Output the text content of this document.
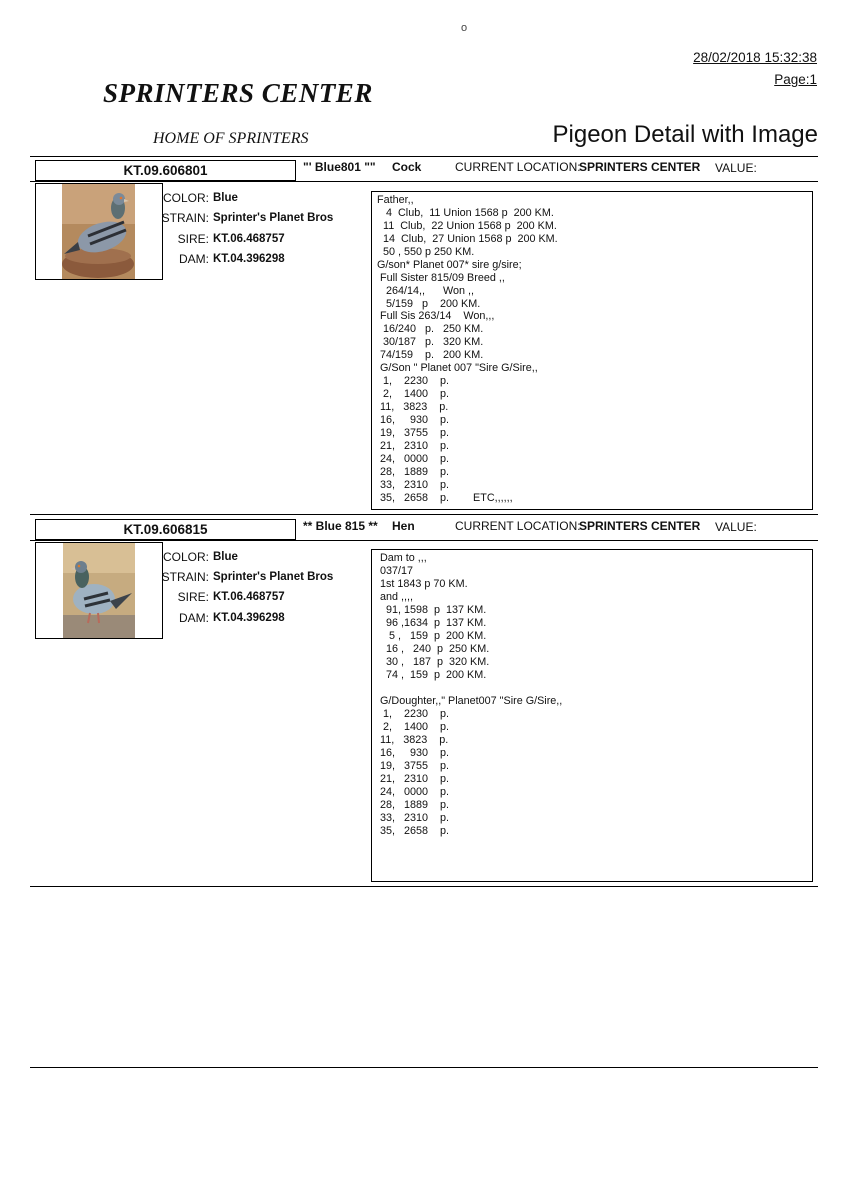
o
28/02/2018 15:32:38
Page:1
SPRINTERS CENTER
HOME OF SPRINTERS	Pigeon Detail with Image
KT.09.606801	"' Blue801 "" Cock	CURRENT LOCATION:
SPRINTERS CENTER VALUE:
COLOR: Blue
STRAIN: Sprinter's Planet Bros
SIRE: KT.06.468757
DAM: KT.04.396298
Father,,
4  Club,  11 Union 1568 p  200 KM.
11  Club,  22 Union 1568 p  200 KM.
14  Club,  27 Union 1568 p  200 KM.
50 , 550 p 250 KM.
G/son* Planet 007* sire g/sire;
Full Sister 815/09 Breed ,,
264/14,,      Won ,,
5/159   p    200 KM.
Full Sis 263/14    Won,,,
16/240   p.   250 KM.
30/187   p.   320 KM.
74/159    p.   200 KM.
G/Son " Planet 007 "Sire G/Sire,,
1,    2230    p.
2,    1400    p.
11,   3823    p.
16,     930    p.
19,   3755    p.
21,   2310    p.
24,   0000    p.
28,   1889    p.
33,   2310    p.
35,   2658    p.        ETC,,,,,,
KT.09.606815	** Blue 815 ** Hen	CURRENT LOCATION:
SPRINTERS CENTER VALUE:
COLOR: Blue
STRAIN: Sprinter's Planet Bros
SIRE: KT.06.468757
DAM: KT.04.396298
Dam to ,,,
037/17
1st 1843 p 70 KM.
and ,,,,
91, 1598  p  137 KM.
96 ,1634  p  137 KM.
5 ,   159  p  200 KM.
16 ,   240  p  250 KM.
30 ,   187  p  320 KM.
74 ,  159  p  200 KM.
G/Doughter,," Planet007 "Sire G/Sire,,
1,    2230    p.
2,    1400    p.
11,   3823    p.
16,     930    p.
19,   3755    p.
21,   2310    p.
24,   0000    p.
28,   1889    p.
33,   2310    p.
35,   2658    p.
